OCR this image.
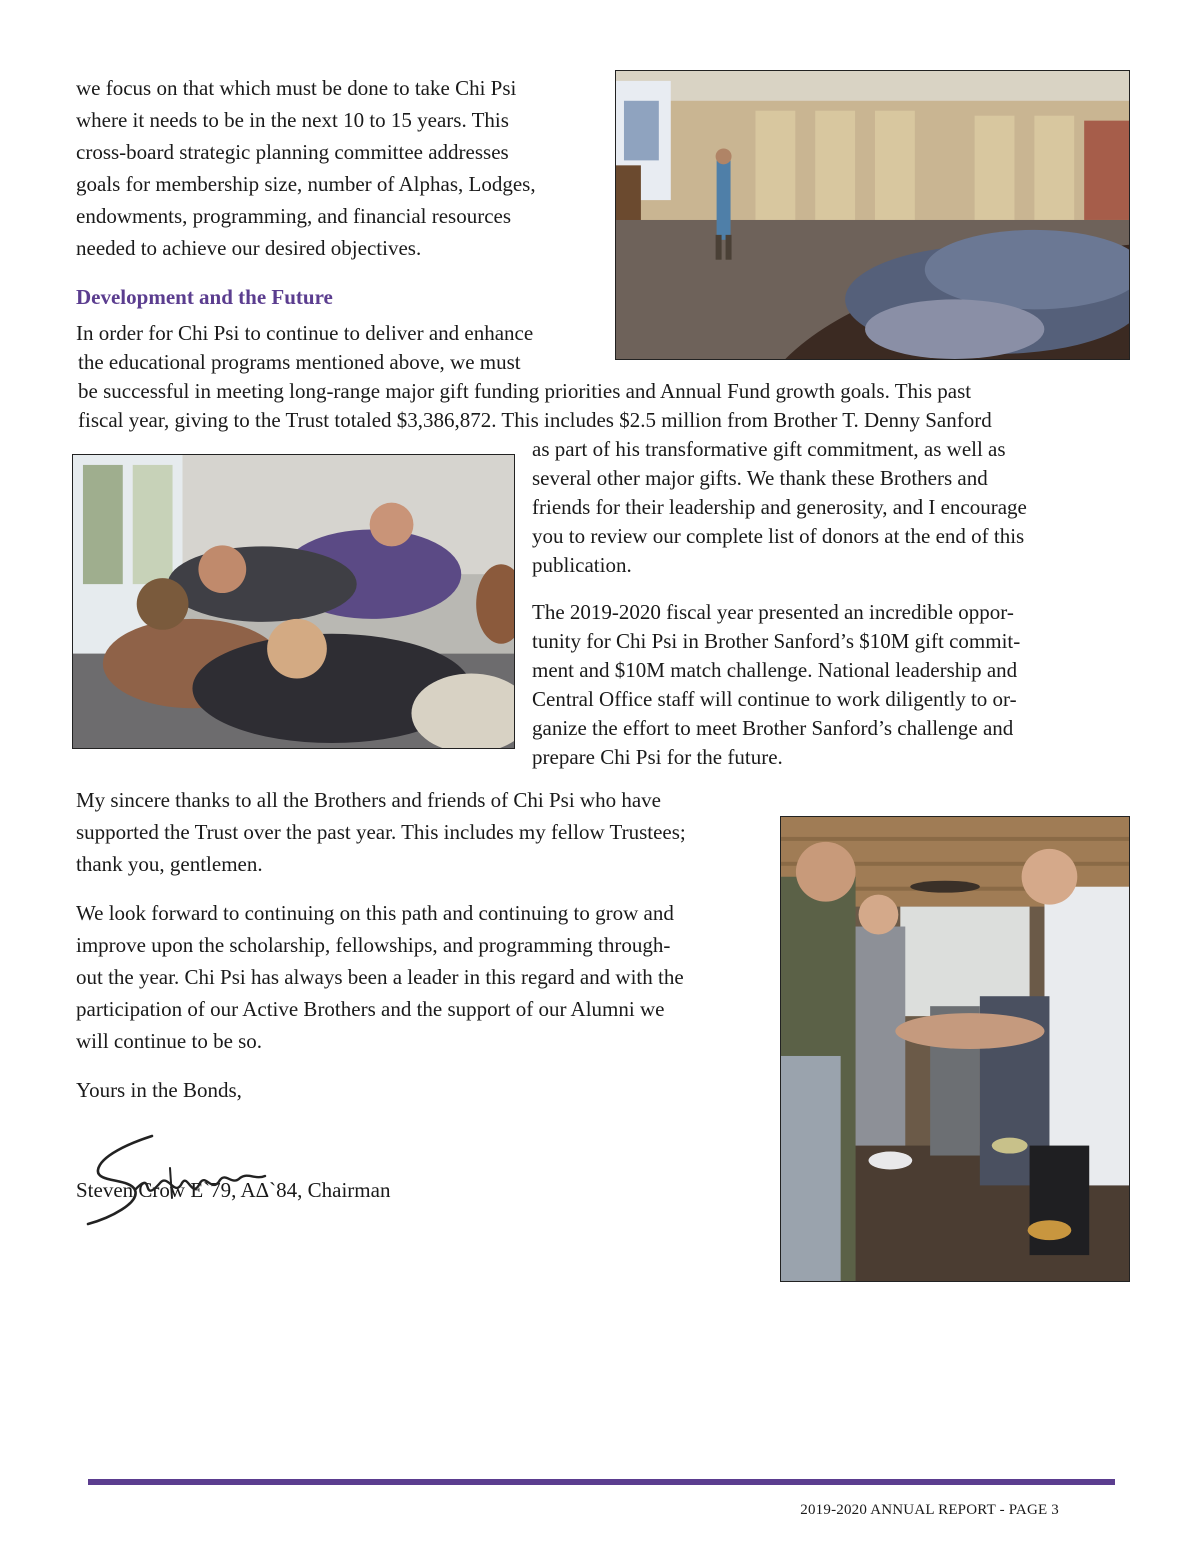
we focus on that which must be done to take Chi Psi
where it needs to be in the next 10 to 15 years. This
cross-board strategic planning committee addresses
goals for membership size, number of Alphas, Lodges,
endowments, programming, and financial resources
needed to achieve our desired objectives.
Development and the Future
In order for Chi Psi to continue to deliver and enhance
the educational programs mentioned above, we must
be successful in meeting long-range major gift funding priorities and Annual Fund growth goals. This past
fiscal year, giving to the Trust totaled $3,386,872. This includes $2.5 million from Brother T. Denny Sanford
as part of his transformative gift commitment, as well as
several other major gifts. We thank these Brothers and
friends for their leadership and generosity, and I encourage
you to review our complete list of donors at the end of this
publication.
The 2019-2020 fiscal year presented an incredible oppor-
tunity for Chi Psi in Brother Sanford’s $10M gift commit-
ment and $10M match challenge. National leadership and
Central Office staff will continue to work diligently to or-
ganize the effort to meet Brother Sanford’s challenge and
prepare Chi Psi for the future.
My sincere thanks to all the Brothers and friends of Chi Psi who have
supported the Trust over the past year. This includes my fellow Trustees;
thank you, gentlemen.
We look forward to continuing on this path and continuing to grow and
improve upon the scholarship, fellowships, and programming through-
out the year. Chi Psi has always been a leader in this regard and with the
participation of our Active Brothers and the support of our Alumni we
will continue to be so.
Yours in the Bonds,
Steven Crow E`79, AΔ`84, Chairman
2019-2020 ANNUAL REPORT - PAGE 3
